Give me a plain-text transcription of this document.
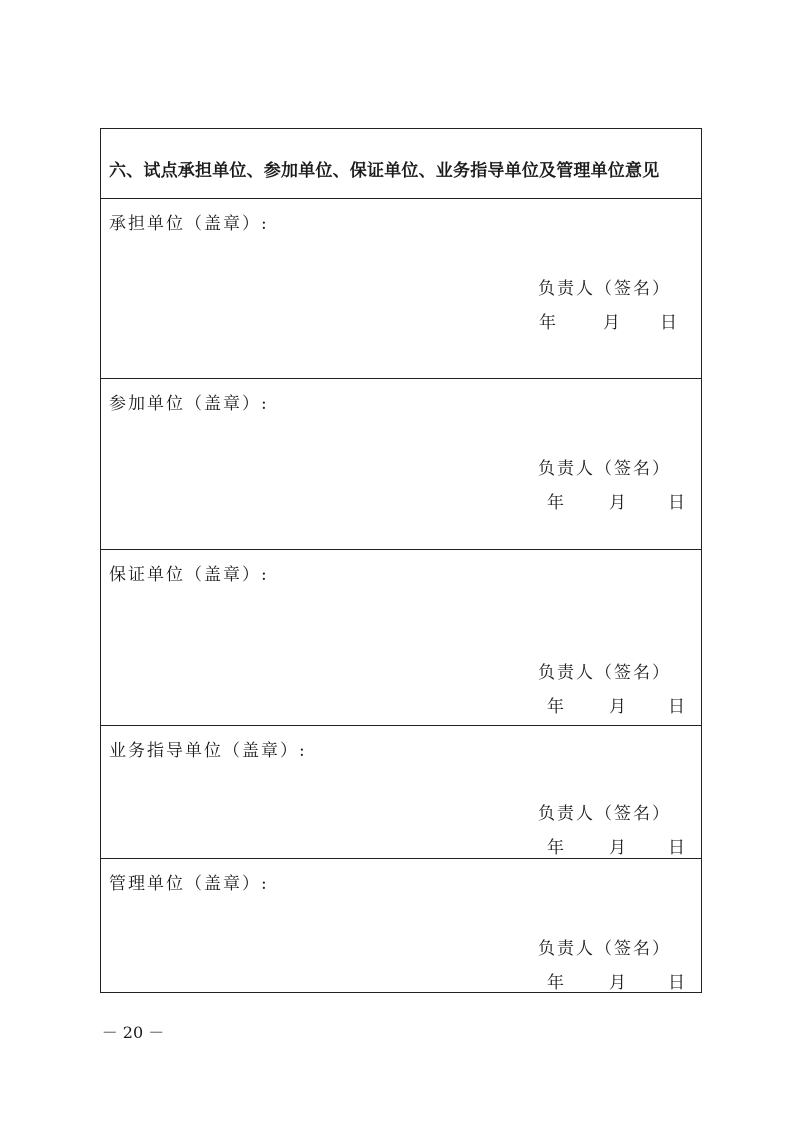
六、试点承担单位、参加单位、保证单位、业务指导单位及管理单位意见
承担单位（盖章）:
负责人（签名）
年	月 日
参加单位（盖章）:
负责人（签名）
年	月 日
保证单位（盖章）:
负责人（签名）
年	月 日
业务指导单位（盖章）:
负责人（签名）
年	月 日
管理单位（盖章）:
负责人（签名）
年	月 日
－ 20 －
